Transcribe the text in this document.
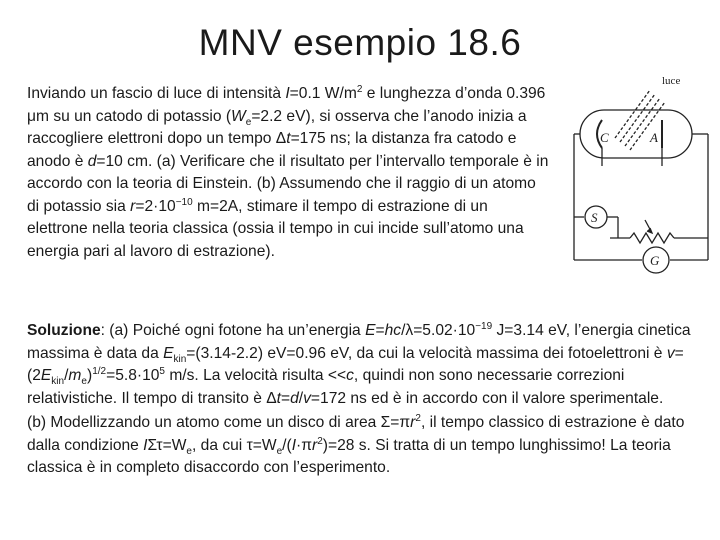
MNV esempio 18.6
Inviando un fascio di luce di intensità I=0.1 $W/m^2$ e lunghezza d’onda 0.396 μm su un catodo di potassio ($W_e=2.2$ eV), si osserva che l’anodo inizia a raccogliere elettroni dopo un tempo Δt=175 ns; la distanza fra catodo e anodo è d=10 cm. (a) Verificare che il risultato per l’intervallo temporale è in accordo con la teoria di Einstein. (b) Assumendo che il raggio di un atomo di potassio sia $r=2\cdot 10^{-10}$ m=2A, stimare il tempo di estrazione di un elettrone nella teoria classica (ossia il tempo in cui incide sull’atomo una energia pari al lavoro di estrazione).
luce
C	A
S
G

Soluzione: (a) Poiché ogni fotone ha un’energia $E=hc/\lambda=5.02\cdot 10^{-19}$ J=3.14 eV, l’energia cinetica massima è data da $E_{kin}=(3.14-2.2)$ eV=0.96 eV, da cui la velocità massima dei fotoelettroni è $v=(2E_{kin}/m_e)^{1/2}=5.8\cdot 10^5$ m/s. La velocità risulta <<c, quindi non sono necessarie correzioni relativistiche. Il tempo di transito è Δt=d/v=172 ns ed è in accordo con il valore sperimentale.

(b) Modellizzando un atomo come un disco di area $\Sigma=\pi r^2$, il tempo classico di estrazione è dato dalla condizione $I\Sigma\tau=W_e$, da cui $\tau=W_e/(I\cdot\pi r^2)=28$ s. Si tratta di un tempo lunghissimo! La teoria classica è in completo disaccordo con l’esperimento.
